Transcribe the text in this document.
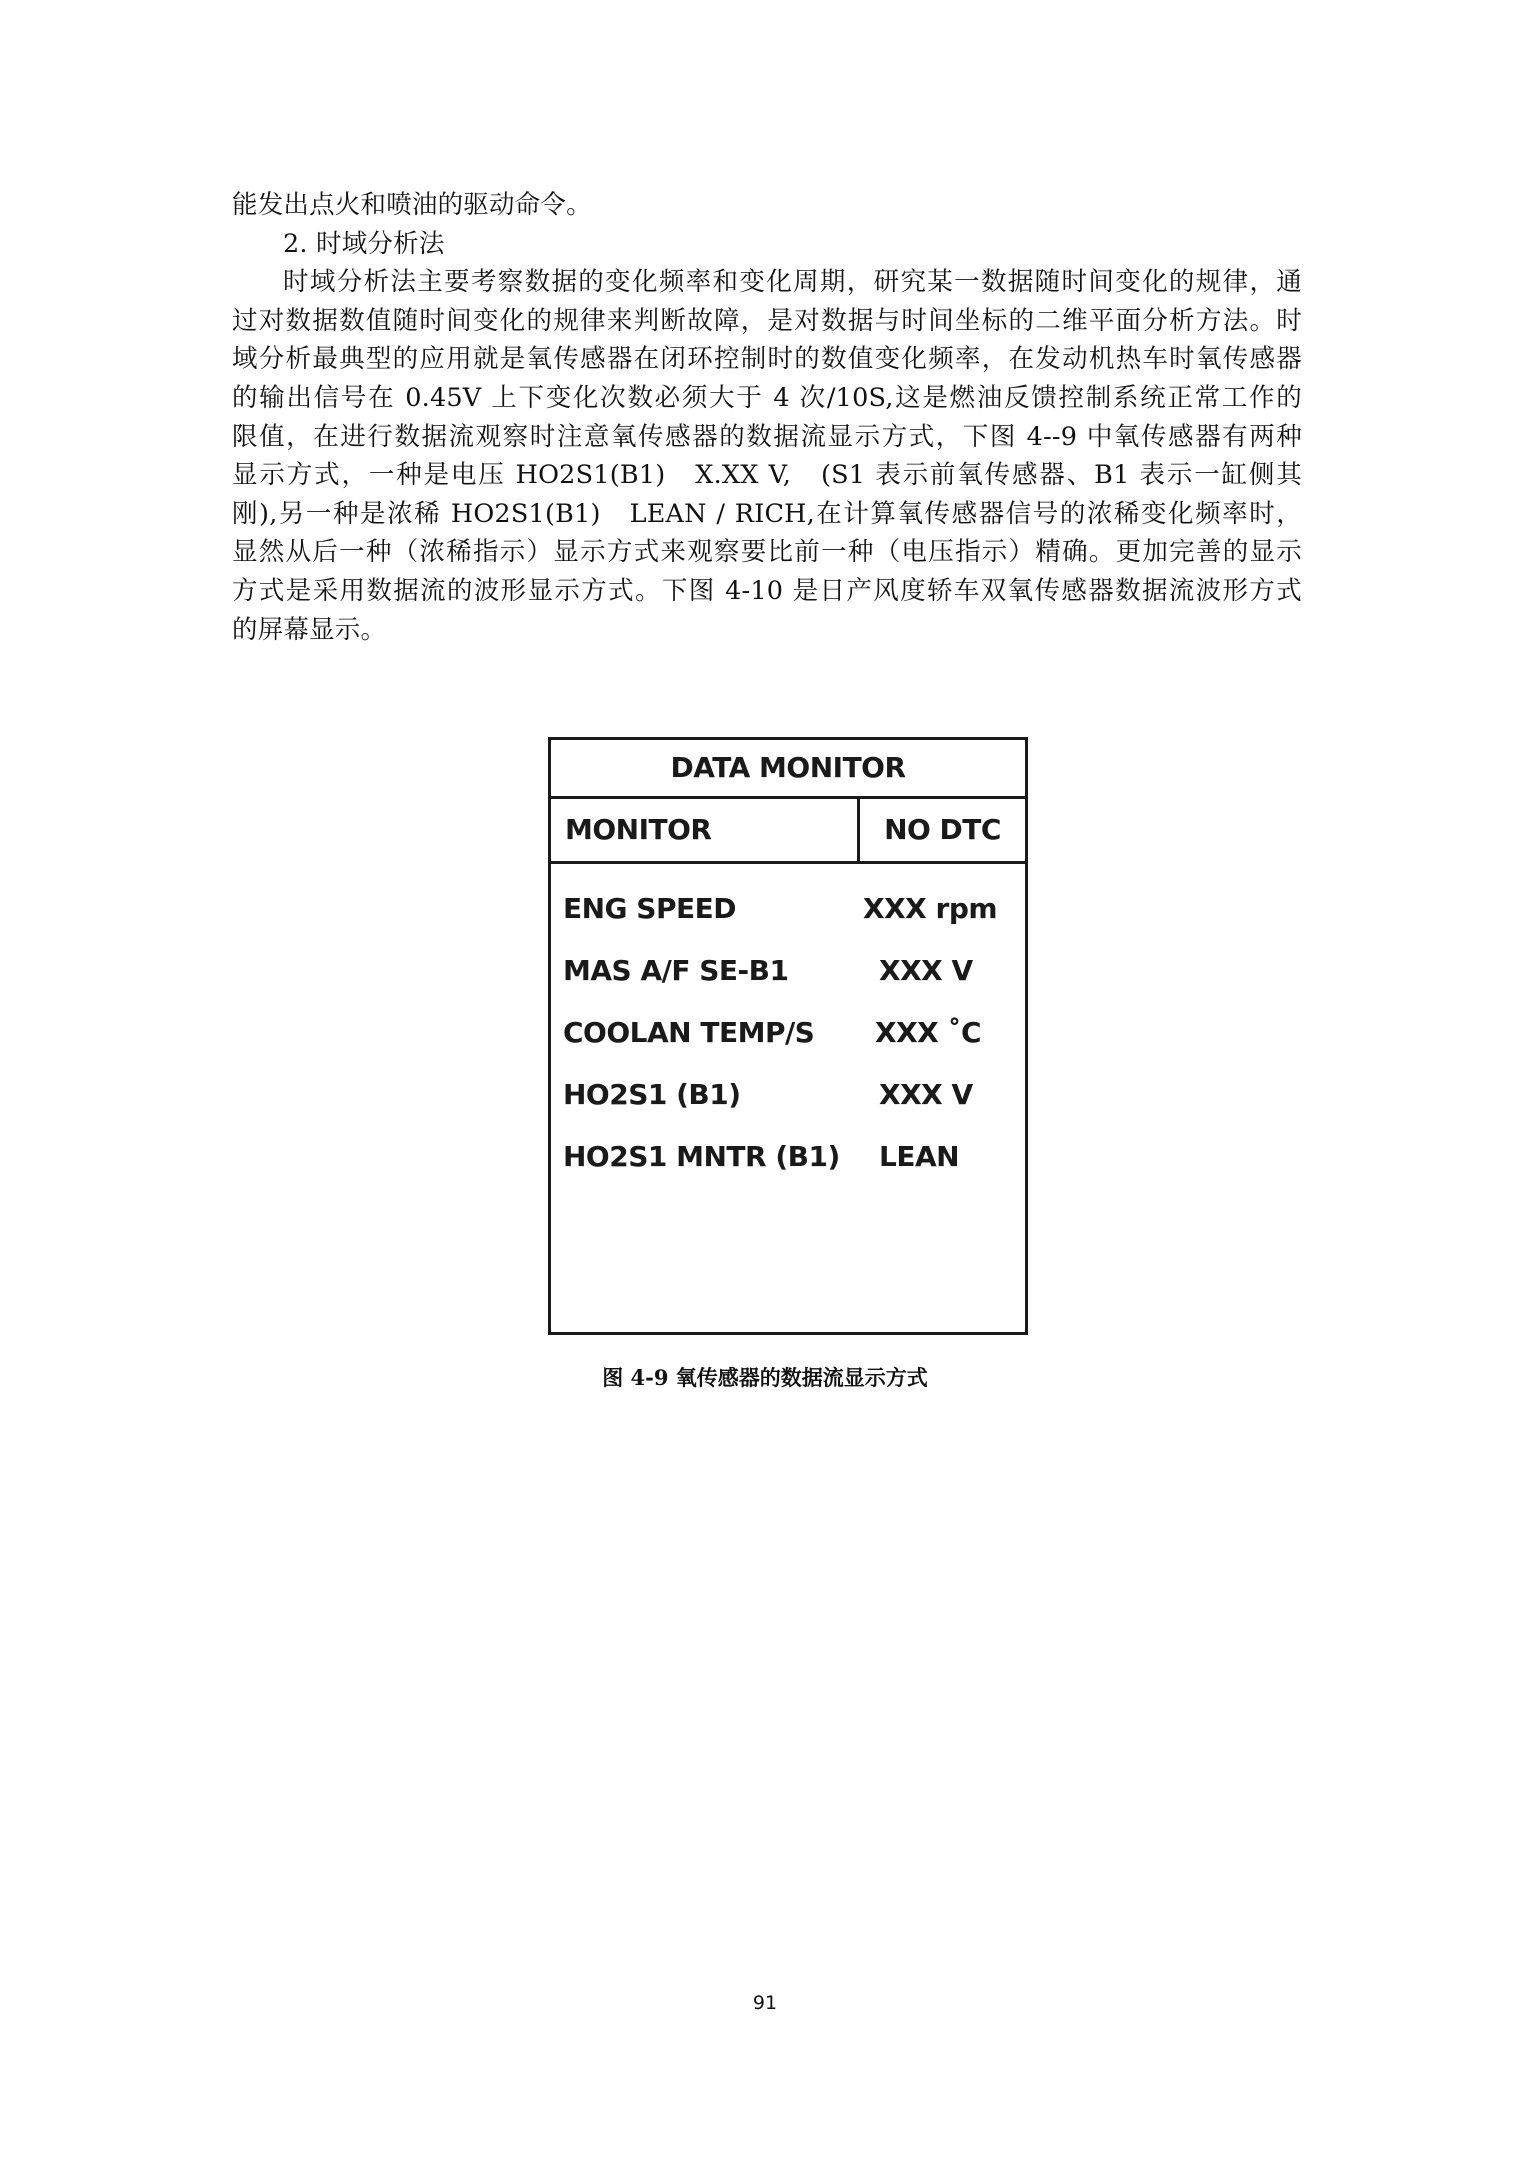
能发出点火和喷油的驱动命令。
2. 时域分析法
时域分析法主要考察数据的变化频率和变化周期，研究某一数据随时间变化的规律，通
过对数据数值随时间变化的规律来判断故障，是对数据与时间坐标的二维平面分析方法。时
域分析最典型的应用就是氧传感器在闭环控制时的数值变化频率，在发动机热车时氧传感器
的输出信号在 0.45V 上下变化次数必须大于 4 次/10S,这是燃油反馈控制系统正常工作的
限值，在进行数据流观察时注意氧传感器的数据流显示方式，下图 4--9 中氧传感器有两种
显示方式，一种是电压 HO2S1(B1)   X.XX V,   (S1 表示前氧传感器、B1 表示一缸侧其
刚),另一种是浓稀 HO2S1(B1)   LEAN / RICH,在计算氧传感器信号的浓稀变化频率时，
显然从后一种（浓稀指示）显示方式来观察要比前一种（电压指示）精确。更加完善的显示
方式是采用数据流的波形显示方式。下图 4-10 是日产风度轿车双氧传感器数据流波形方式
的屏幕显示。
DATA MONITOR
MONITOR	NO DTC
ENG SPEED	XXX rpm
MAS A/F SE-B1	XXX V
COOLAN TEMP/S	XXX ˚C
HO2S1 (B1)	XXX V
HO2S1 MNTR (B1)	LEAN
图 4-9 氧传感器的数据流显示方式
91
